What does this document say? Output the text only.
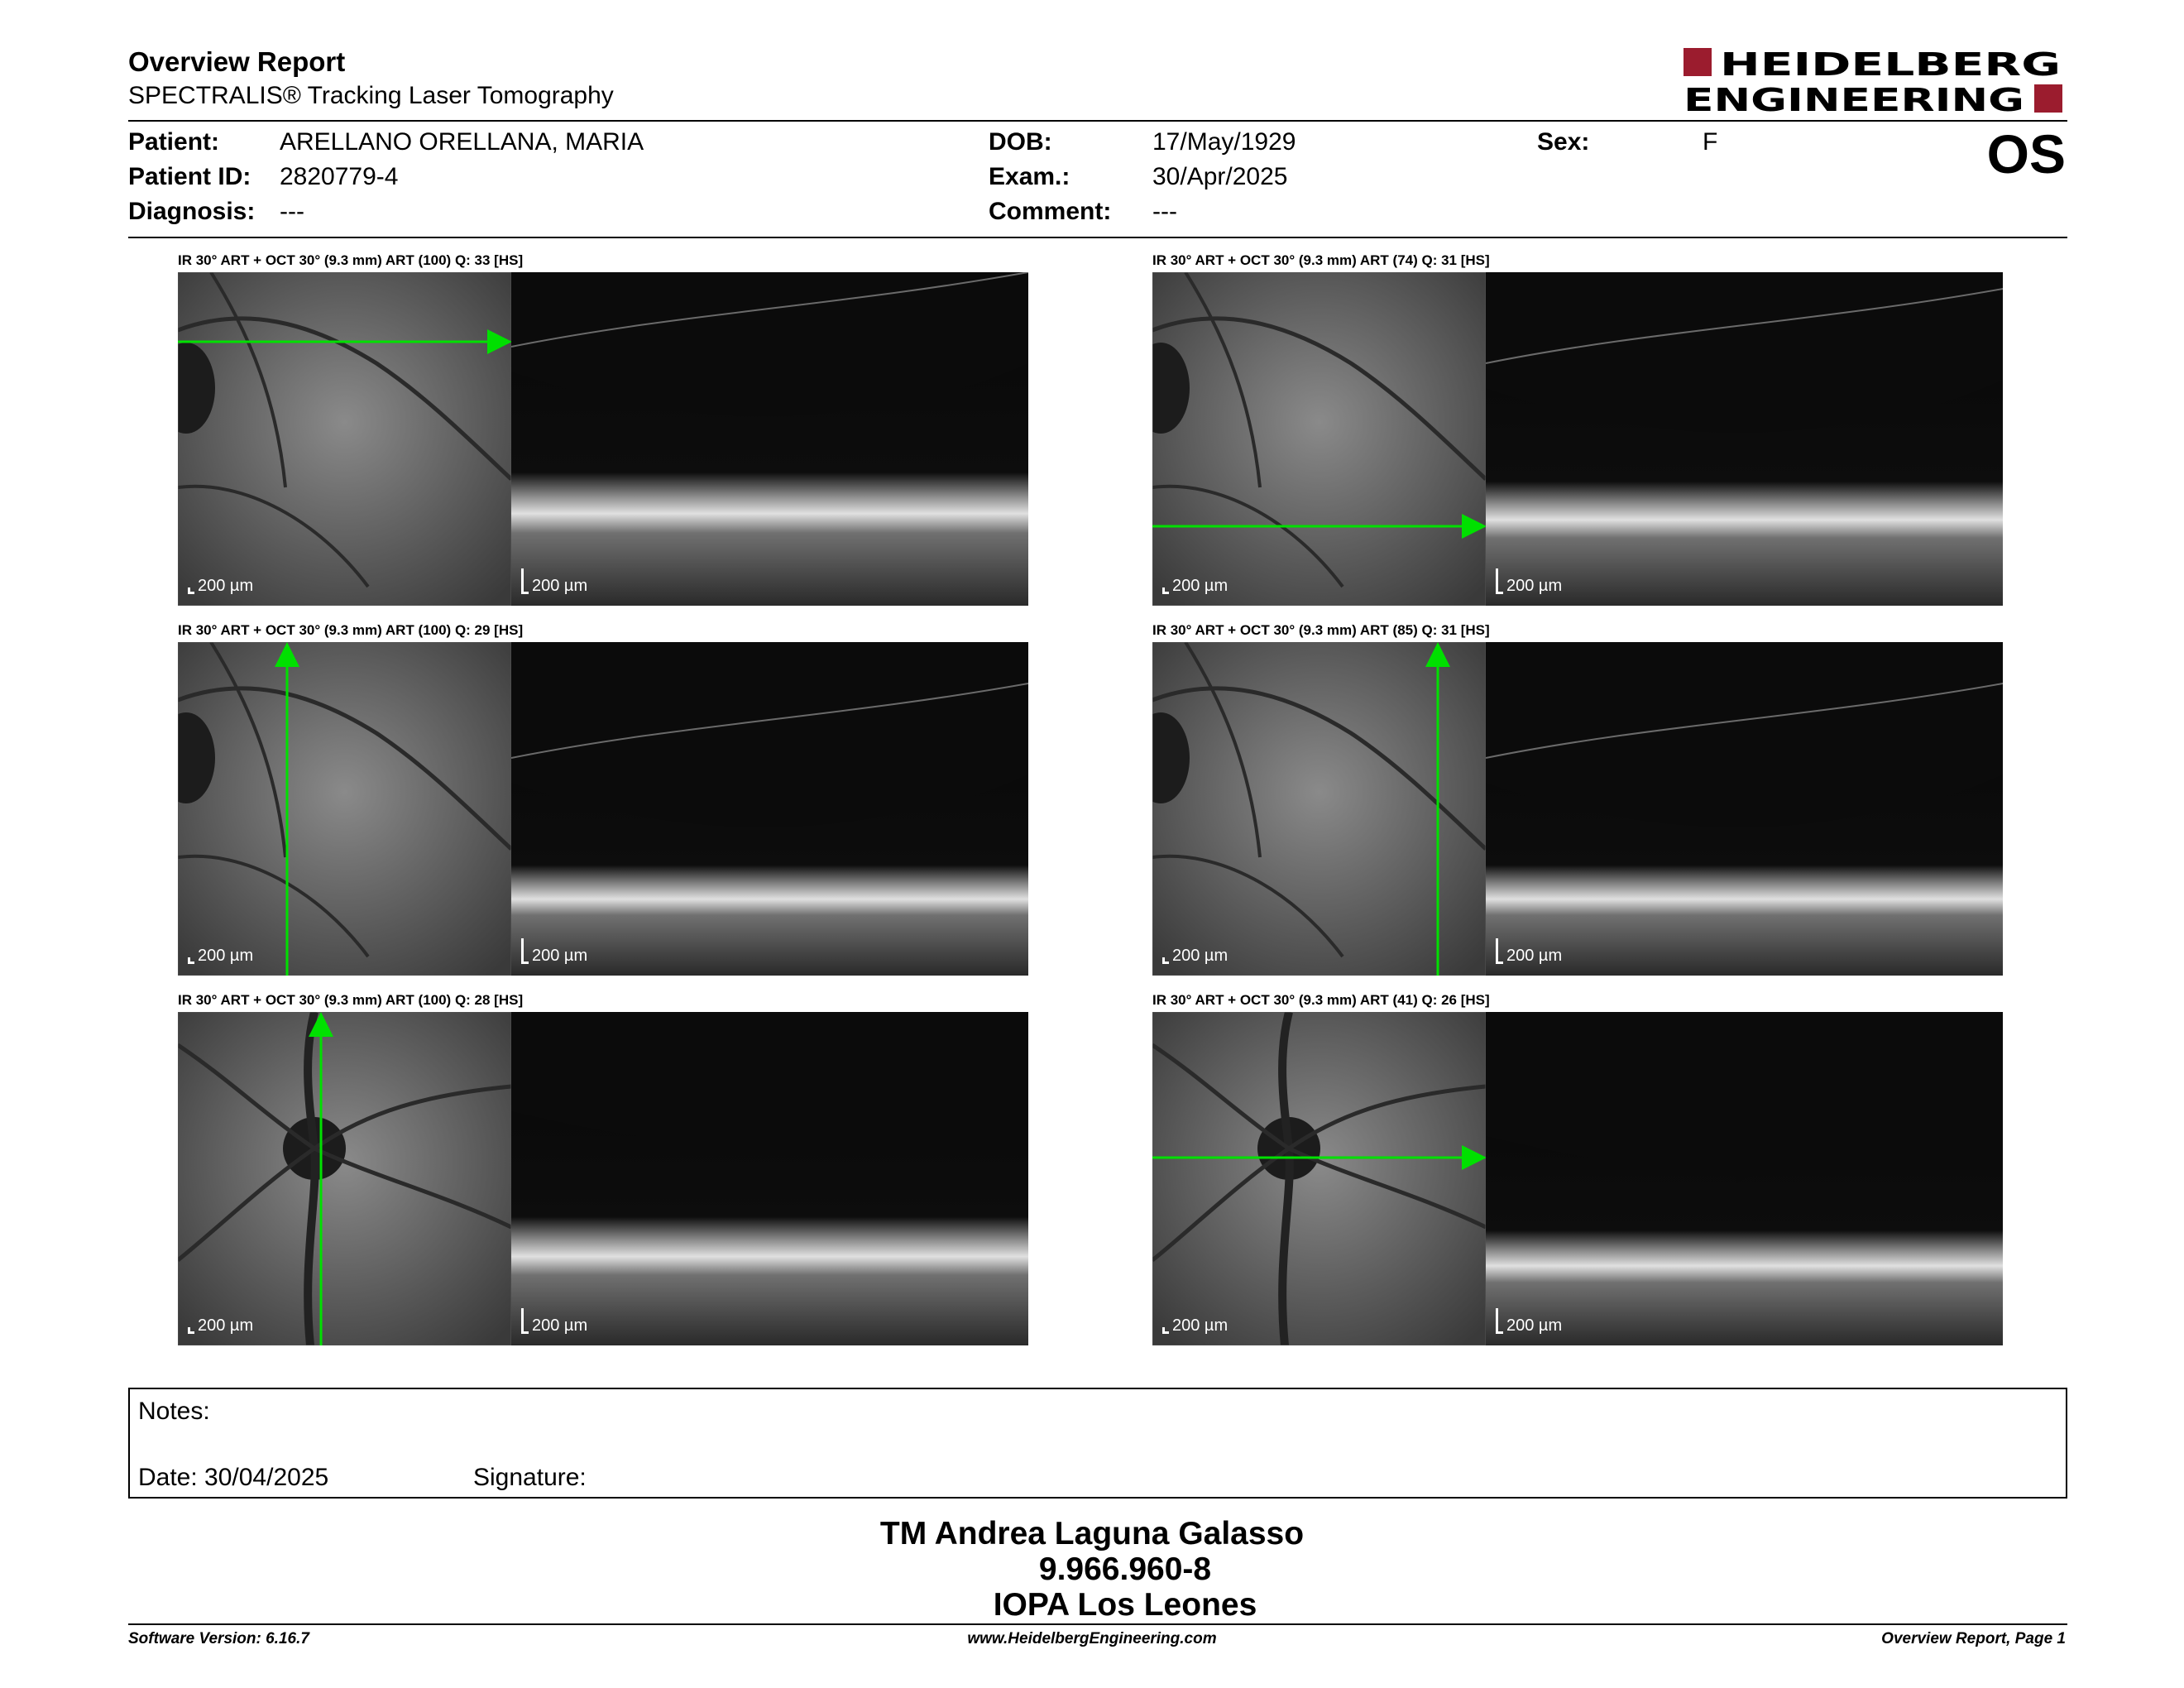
Overview Report
SPECTRALIS® Tracking Laser Tomography
HEIDELBERG
ENGINEERING
Patient: ARELLANO ORELLANA, MARIA
Patient ID: 2820779-4
Diagnosis: ---
DOB:	17/May/1929
Exam.:	30/Apr/2025
Comment: ---
Sex:	F	OS
IR 30° ART + OCT 30° (9.3 mm) ART (100) Q: 33 [HS]
200 µm	200 µm
IR 30° ART + OCT 30° (9.3 mm) ART (74) Q: 31 [HS]
200 µm	200 µm
IR 30° ART + OCT 30° (9.3 mm) ART (100) Q: 29 [HS]
200 µm	200 µm
IR 30° ART + OCT 30° (9.3 mm) ART (85) Q: 31 [HS]
200 µm	200 µm
IR 30° ART + OCT 30° (9.3 mm) ART (100) Q: 28 [HS]
200 µm	200 µm
IR 30° ART + OCT 30° (9.3 mm) ART (41) Q: 26 [HS]
200 µm	200 µm
Notes:
Date: 30/04/2025	Signature:
TM Andrea Laguna Galasso
9.966.960-8
IOPA Los Leones
Software Version: 6.16.7	www.HeidelbergEngineering.com	Overview Report, Page 1
